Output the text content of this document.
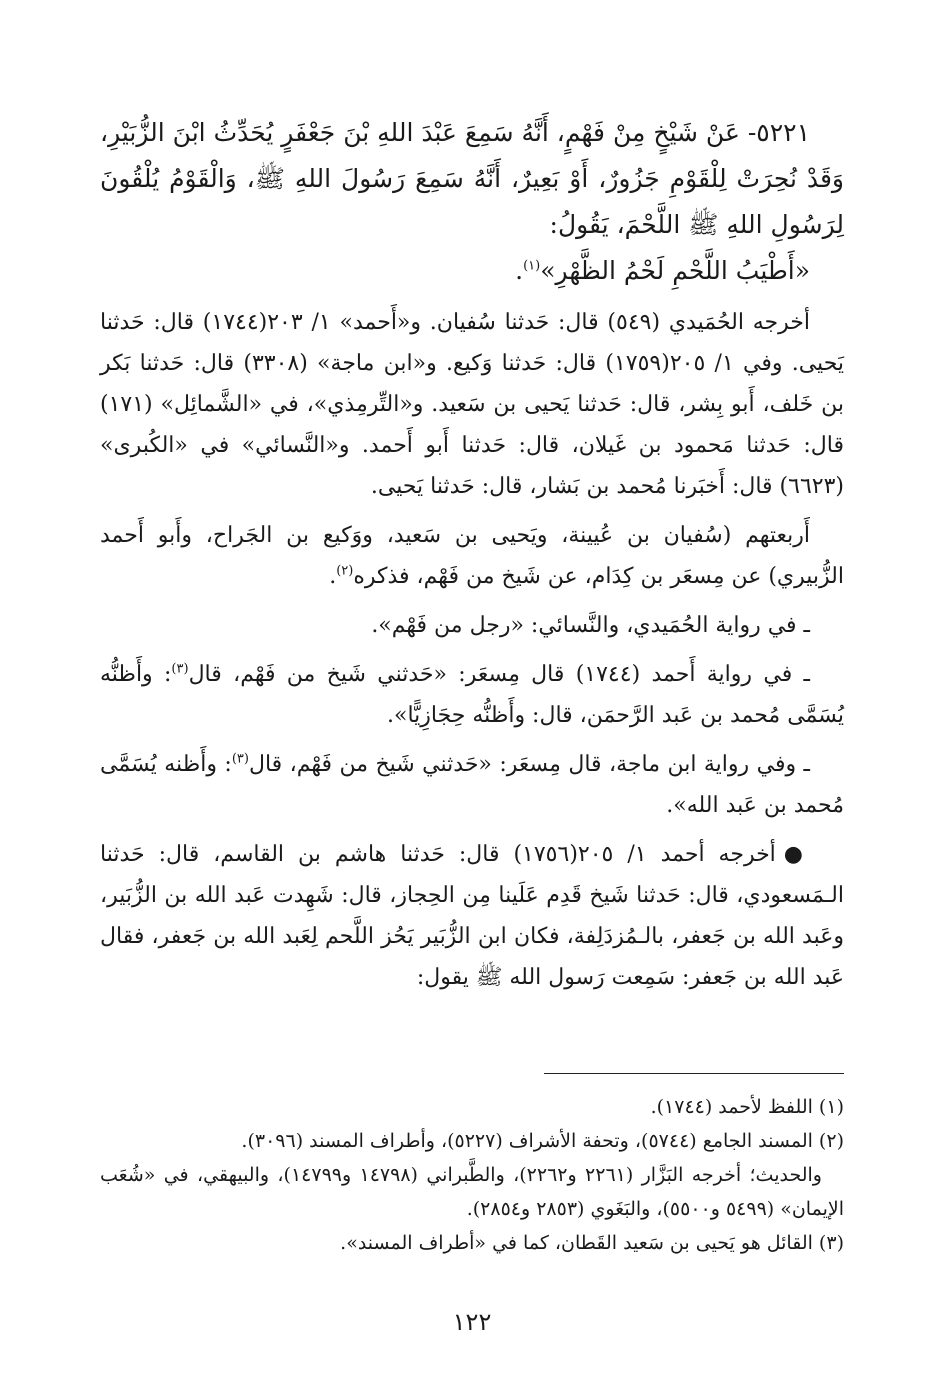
٥٢٢١- عَنْ شَيْخٍ مِنْ فَهْمٍ، أَنَّهُ سَمِعَ عَبْدَ اللهِ بْنَ جَعْفَرٍ يُحَدِّثُ ابْنَ الزُّبَيْرِ، وَقَدْ نُحِرَتْ لِلْقَوْمِ جَزُورٌ، أَوْ بَعِيرٌ، أَنَّهُ سَمِعَ رَسُولَ اللهِ ﷺ، وَالْقَوْمُ يُلْقُونَ لِرَسُولِ اللهِ ﷺ اللَّحْمَ، يَقُولُ:

«أَطْيَبُ اللَّحْمِ لَحْمُ الظَّهْرِ»$^{(١)}$.

أخرجه الحُمَيدي (٥٤٩) قال: حَدثنا سُفيان. و«أَحمد» ١/ ٢٠٣(١٧٤٤) قال: حَدثنا يَحيى. وفي ١/ ٢٠٥(١٧٥٩) قال: حَدثنا وَكيع. و«ابن ماجة» (٣٣٠٨) قال: حَدثنا بَكر بن خَلف، أَبو بِشر، قال: حَدثنا يَحيى بن سَعيد. و«التِّرمِذي»، في «الشَّمائِل» (١٧١) قال: حَدثنا مَحمود بن غَيلان، قال: حَدثنا أَبو أَحمد. و«النَّسائي» في «الكُبرى» (٦٦٢٣) قال: أَخبَرنا مُحمد بن بَشار، قال: حَدثنا يَحيى.

أَربعتهم (سُفيان بن عُيينة، ويَحيى بن سَعيد، ووَكيع بن الجَراح، وأَبو أَحمد الزُّبيري) عن مِسعَر بن كِدَام، عن شَيخ من فَهْم، فذكره$^{(٢)}$.

ـ في رواية الحُمَيدي، والنَّسائي: «رجل من فَهْم».

ـ في رواية أَحمد (١٧٤٤) قال مِسعَر: «حَدثني شَيخ من فَهْم، قال$^{(٣)}$: وأَظنُّه يُسَمَّى مُحمد بن عَبد الرَّحمَن، قال: وأَظنُّه حِجَازِيًّا».

ـ وفي رواية ابن ماجة، قال مِسعَر: «حَدثني شَيخ من فَهْم، قال$^{(٣)}$: وأَظنه يُسَمَّى مُحمد بن عَبد الله».

●أخرجه أحمد ١/ ٢٠٥(١٧٥٦) قال: حَدثنا هاشم بن القاسم، قال: حَدثنا الـمَسعودي، قال: حَدثنا شَيخ قَدِم عَلَينا مِن الحِجاز، قال: شَهِدت عَبد الله بن الزُّبَير، وعَبد الله بن جَعفر، بالـمُزدَلِفة، فكان ابن الزُّبَير يَحُز اللَّحم لِعَبد الله بن جَعفر، فقال عَبد الله بن جَعفر: سَمِعت رَسول الله ﷺ يقول:

(١) اللفظ لأحمد (١٧٤٤).

(٢) المسند الجامع (٥٧٤٤)، وتحفة الأشراف (٥٢٢٧)، وأطراف المسند (٣٠٩٦).

والحديث؛ أخرجه البَزَّار (٢٢٦١ و٢٢٦٢)، والطَّبراني (١٤٧٩٨ و١٤٧٩٩)، والبيهقي، في «شُعَب الإيمان» (٥٤٩٩ و٥٥٠٠)، والبَغَوي (٢٨٥٣ و٢٨٥٤).

(٣) القائل هو يَحيى بن سَعيد القَطان، كما في «أطراف المسند».

١٢٢
